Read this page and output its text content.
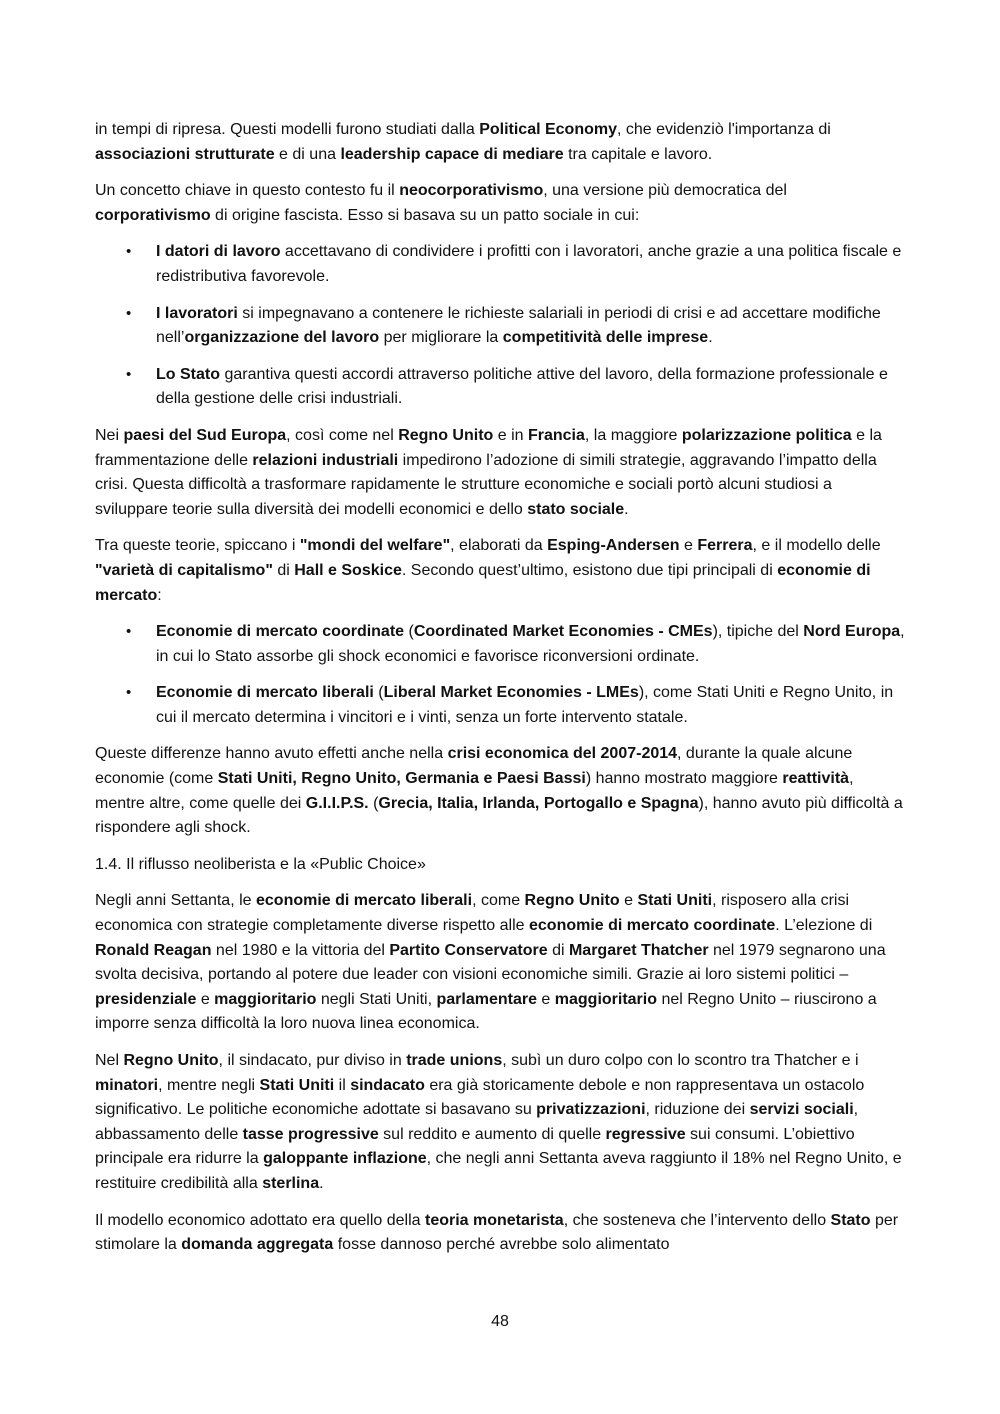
in tempi di ripresa. Questi modelli furono studiati dalla Political Economy, che evidenziò l'importanza di associazioni strutturate e di una leadership capace di mediare tra capitale e lavoro.

Un concetto chiave in questo contesto fu il neocorporativismo, una versione più democratica del corporativismo di origine fascista. Esso si basava su un patto sociale in cui:

• I datori di lavoro accettavano di condividere i profitti con i lavoratori, anche grazie a una politica fiscale e redistributiva favorevole.
• I lavoratori si impegnavano a contenere le richieste salariali in periodi di crisi e ad accettare modifiche nell’organizzazione del lavoro per migliorare la competitività delle imprese.
• Lo Stato garantiva questi accordi attraverso politiche attive del lavoro, della formazione professionale e della gestione delle crisi industriali.

Nei paesi del Sud Europa, così come nel Regno Unito e in Francia, la maggiore polarizzazione politica e la frammentazione delle relazioni industriali impedirono l’adozione di simili strategie, aggravando l’impatto della crisi. Questa difficoltà a trasformare rapidamente le strutture economiche e sociali portò alcuni studiosi a sviluppare teorie sulla diversità dei modelli economici e dello stato sociale.

Tra queste teorie, spiccano i "mondi del welfare", elaborati da Esping-Andersen e Ferrera, e il modello delle "varietà di capitalismo" di Hall e Soskice. Secondo quest’ultimo, esistono due tipi principali di economie di mercato:

• Economie di mercato coordinate (Coordinated Market Economies - CMEs), tipiche del Nord Europa, in cui lo Stato assorbe gli shock economici e favorisce riconversioni ordinate.
• Economie di mercato liberali (Liberal Market Economies - LMEs), come Stati Uniti e Regno Unito, in cui il mercato determina i vincitori e i vinti, senza un forte intervento statale.

Queste differenze hanno avuto effetti anche nella crisi economica del 2007-2014, durante la quale alcune economie (come Stati Uniti, Regno Unito, Germania e Paesi Bassi) hanno mostrato maggiore reattività, mentre altre, come quelle dei G.I.I.P.S. (Grecia, Italia, Irlanda, Portogallo e Spagna), hanno avuto più difficoltà a rispondere agli shock.

1.4. Il riflusso neoliberista e la «Public Choice»

Negli anni Settanta, le economie di mercato liberali, come Regno Unito e Stati Uniti, risposero alla crisi economica con strategie completamente diverse rispetto alle economie di mercato coordinate. L’elezione di Ronald Reagan nel 1980 e la vittoria del Partito Conservatore di Margaret Thatcher nel 1979 segnarono una svolta decisiva, portando al potere due leader con visioni economiche simili. Grazie ai loro sistemi politici – presidenziale e maggioritario negli Stati Uniti, parlamentare e maggioritario nel Regno Unito – riuscirono a imporre senza difficoltà la loro nuova linea economica.

Nel Regno Unito, il sindacato, pur diviso in trade unions, subì un duro colpo con lo scontro tra Thatcher e i minatori, mentre negli Stati Uniti il sindacato era già storicamente debole e non rappresentava un ostacolo significativo. Le politiche economiche adottate si basavano su privatizzazioni, riduzione dei servizi sociali, abbassamento delle tasse progressive sul reddito e aumento di quelle regressive sui consumi. L’obiettivo principale era ridurre la galoppante inflazione, che negli anni Settanta aveva raggiunto il 18% nel Regno Unito, e restituire credibilità alla sterlina.

Il modello economico adottato era quello della teoria monetarista, che sosteneva che l’intervento dello Stato per stimolare la domanda aggregata fosse dannoso perché avrebbe solo alimentato

48
